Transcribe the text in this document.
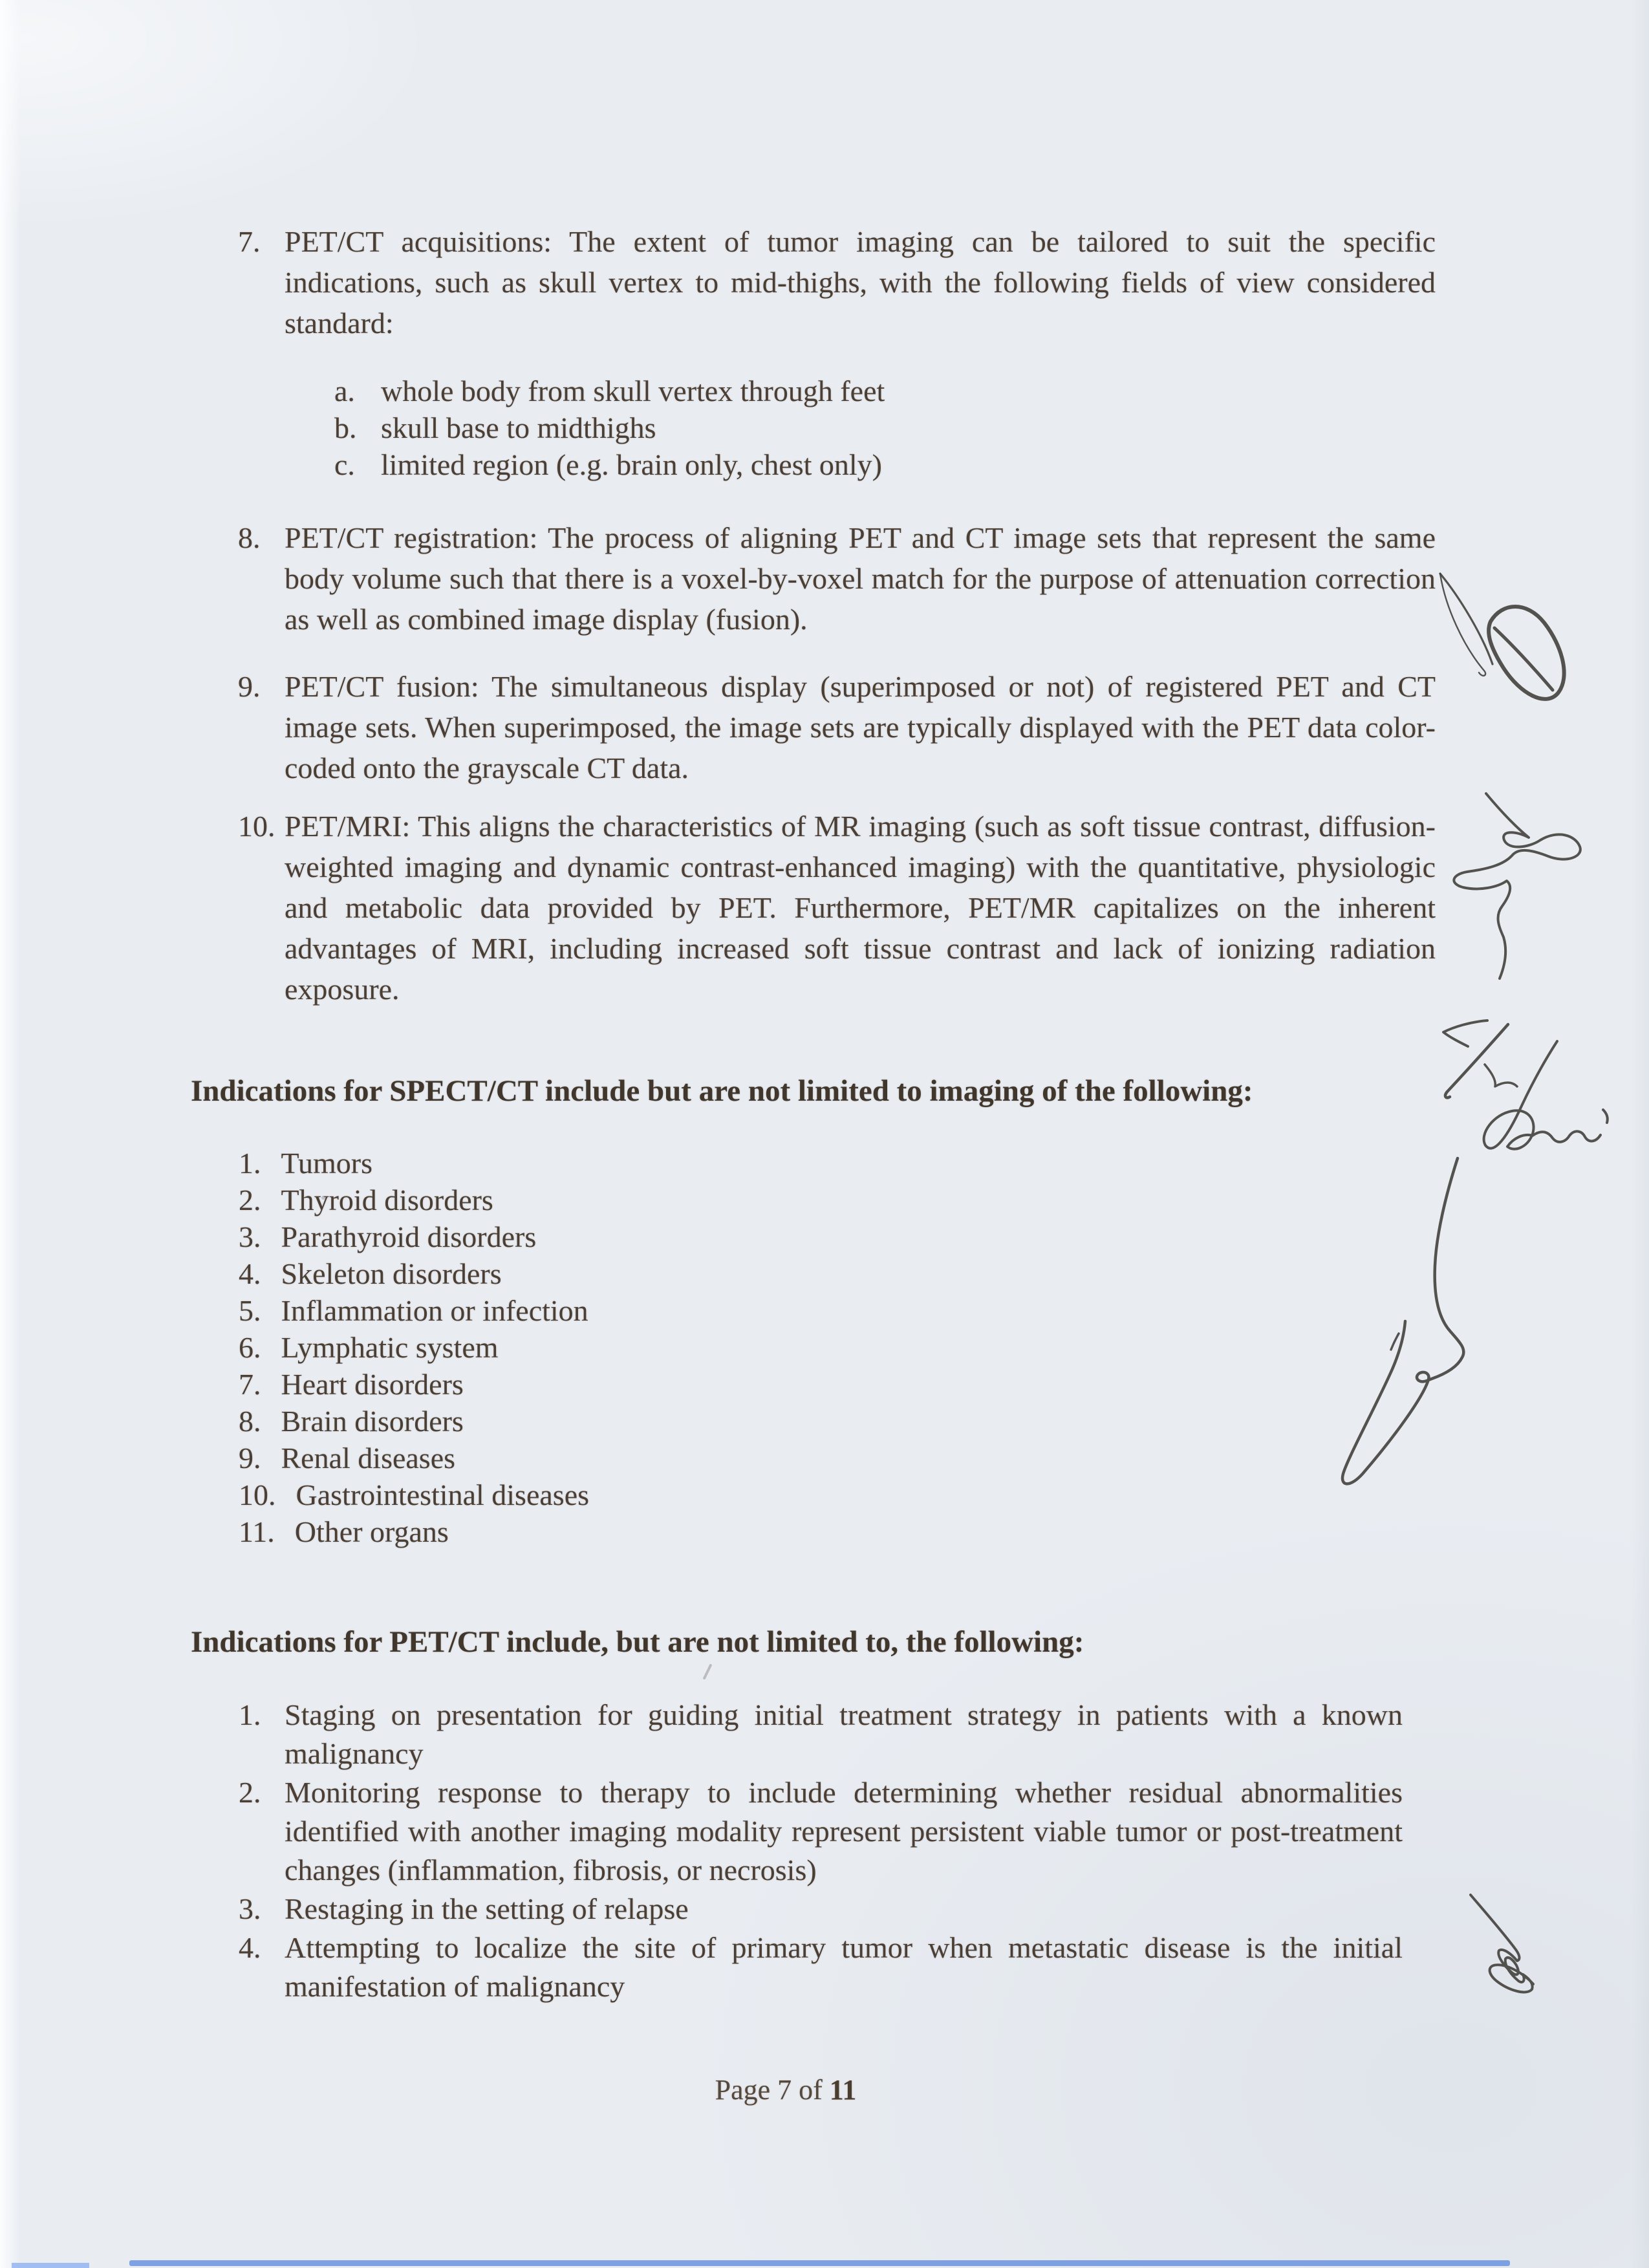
7. PET/CT acquisitions: The extent of tumor imaging can be tailored to suit the specific indications, such as skull vertex to mid-thighs, with the following fields of view considered standard:
a. whole body from skull vertex through feet
b. skull base to midthighs
c. limited region (e.g. brain only, chest only)
8. PET/CT registration: The process of aligning PET and CT image sets that represent the same body volume such that there is a voxel-by-voxel match for the purpose of attenuation correction as well as combined image display (fusion).
9. PET/CT fusion: The simultaneous display (superimposed or not) of registered PET and CT image sets. When superimposed, the image sets are typically displayed with the PET data color-coded onto the grayscale CT data.
10. PET/MRI: This aligns the characteristics of MR imaging (such as soft tissue contrast, diffusion-weighted imaging and dynamic contrast-enhanced imaging) with the quantitative, physiologic and metabolic data provided by PET. Furthermore, PET/MR capitalizes on the inherent advantages of MRI, including increased soft tissue contrast and lack of ionizing radiation exposure.
Indications for SPECT/CT include but are not limited to imaging of the following:
1. Tumors
2. Thyroid disorders
3. Parathyroid disorders
4. Skeleton disorders
5. Inflammation or infection
6. Lymphatic system
7. Heart disorders
8. Brain disorders
9. Renal diseases
10. Gastrointestinal diseases
11. Other organs
Indications for PET/CT include, but are not limited to, the following:
1. Staging on presentation for guiding initial treatment strategy in patients with a known malignancy
2. Monitoring response to therapy to include determining whether residual abnormalities identified with another imaging modality represent persistent viable tumor or post-treatment changes (inflammation, fibrosis, or necrosis)
3. Restaging in the setting of relapse
4. Attempting to localize the site of primary tumor when metastatic disease is the initial manifestation of malignancy
Page 7 of 11
